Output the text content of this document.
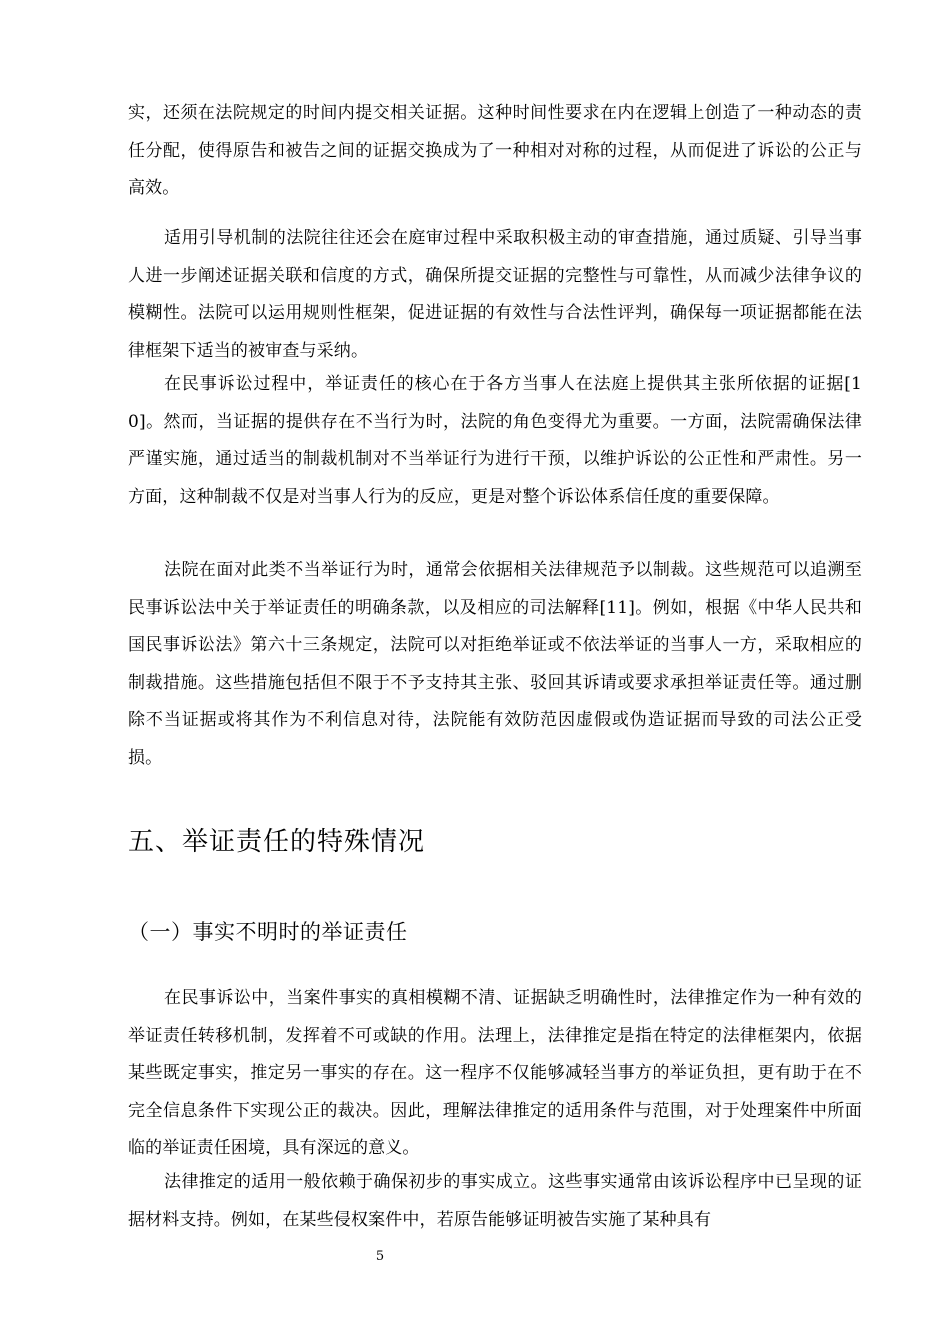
实，还须在法院规定的时间内提交相关证据。这种时间性要求在内在逻辑上创造了一种动态的责任分配，使得原告和被告之间的证据交换成为了一种相对对称的过程，从而促进了诉讼的公正与高效。

适用引导机制的法院往往还会在庭审过程中采取积极主动的审查措施，通过质疑、引导当事人进一步阐述证据关联和信度的方式，确保所提交证据的完整性与可靠性，从而减少法律争议的模糊性。法院可以运用规则性框架，促进证据的有效性与合法性评判，确保每一项证据都能在法律框架下适当的被审查与采纳。

在民事诉讼过程中，举证责任的核心在于各方当事人在法庭上提供其主张所依据的证据[10]。然而，当证据的提供存在不当行为时，法院的角色变得尤为重要。一方面，法院需确保法律严谨实施，通过适当的制裁机制对不当举证行为进行干预，以维护诉讼的公正性和严肃性。另一方面，这种制裁不仅是对当事人行为的反应，更是对整个诉讼体系信任度的重要保障。

法院在面对此类不当举证行为时，通常会依据相关法律规范予以制裁。这些规范可以追溯至民事诉讼法中关于举证责任的明确条款，以及相应的司法解释[11]。例如，根据《中华人民共和国民事诉讼法》第六十三条规定，法院可以对拒绝举证或不依法举证的当事人一方，采取相应的制裁措施。这些措施包括但不限于不予支持其主张、驳回其诉请或要求承担举证责任等。通过删除不当证据或将其作为不利信息对待，法院能有效防范因虚假或伪造证据而导致的司法公正受损。

五、举证责任的特殊情况
（一）事实不明时的举证责任

在民事诉讼中，当案件事实的真相模糊不清、证据缺乏明确性时，法律推定作为一种有效的举证责任转移机制，发挥着不可或缺的作用。法理上，法律推定是指在特定的法律框架内，依据某些既定事实，推定另一事实的存在。这一程序不仅能够减轻当事方的举证负担，更有助于在不完全信息条件下实现公正的裁决。因此，理解法律推定的适用条件与范围，对于处理案件中所面临的举证责任困境，具有深远的意义。

法律推定的适用一般依赖于确保初步的事实成立。这些事实通常由该诉讼程序中已呈现的证据材料支持。例如，在某些侵权案件中，若原告能够证明被告实施了某种具有

5
